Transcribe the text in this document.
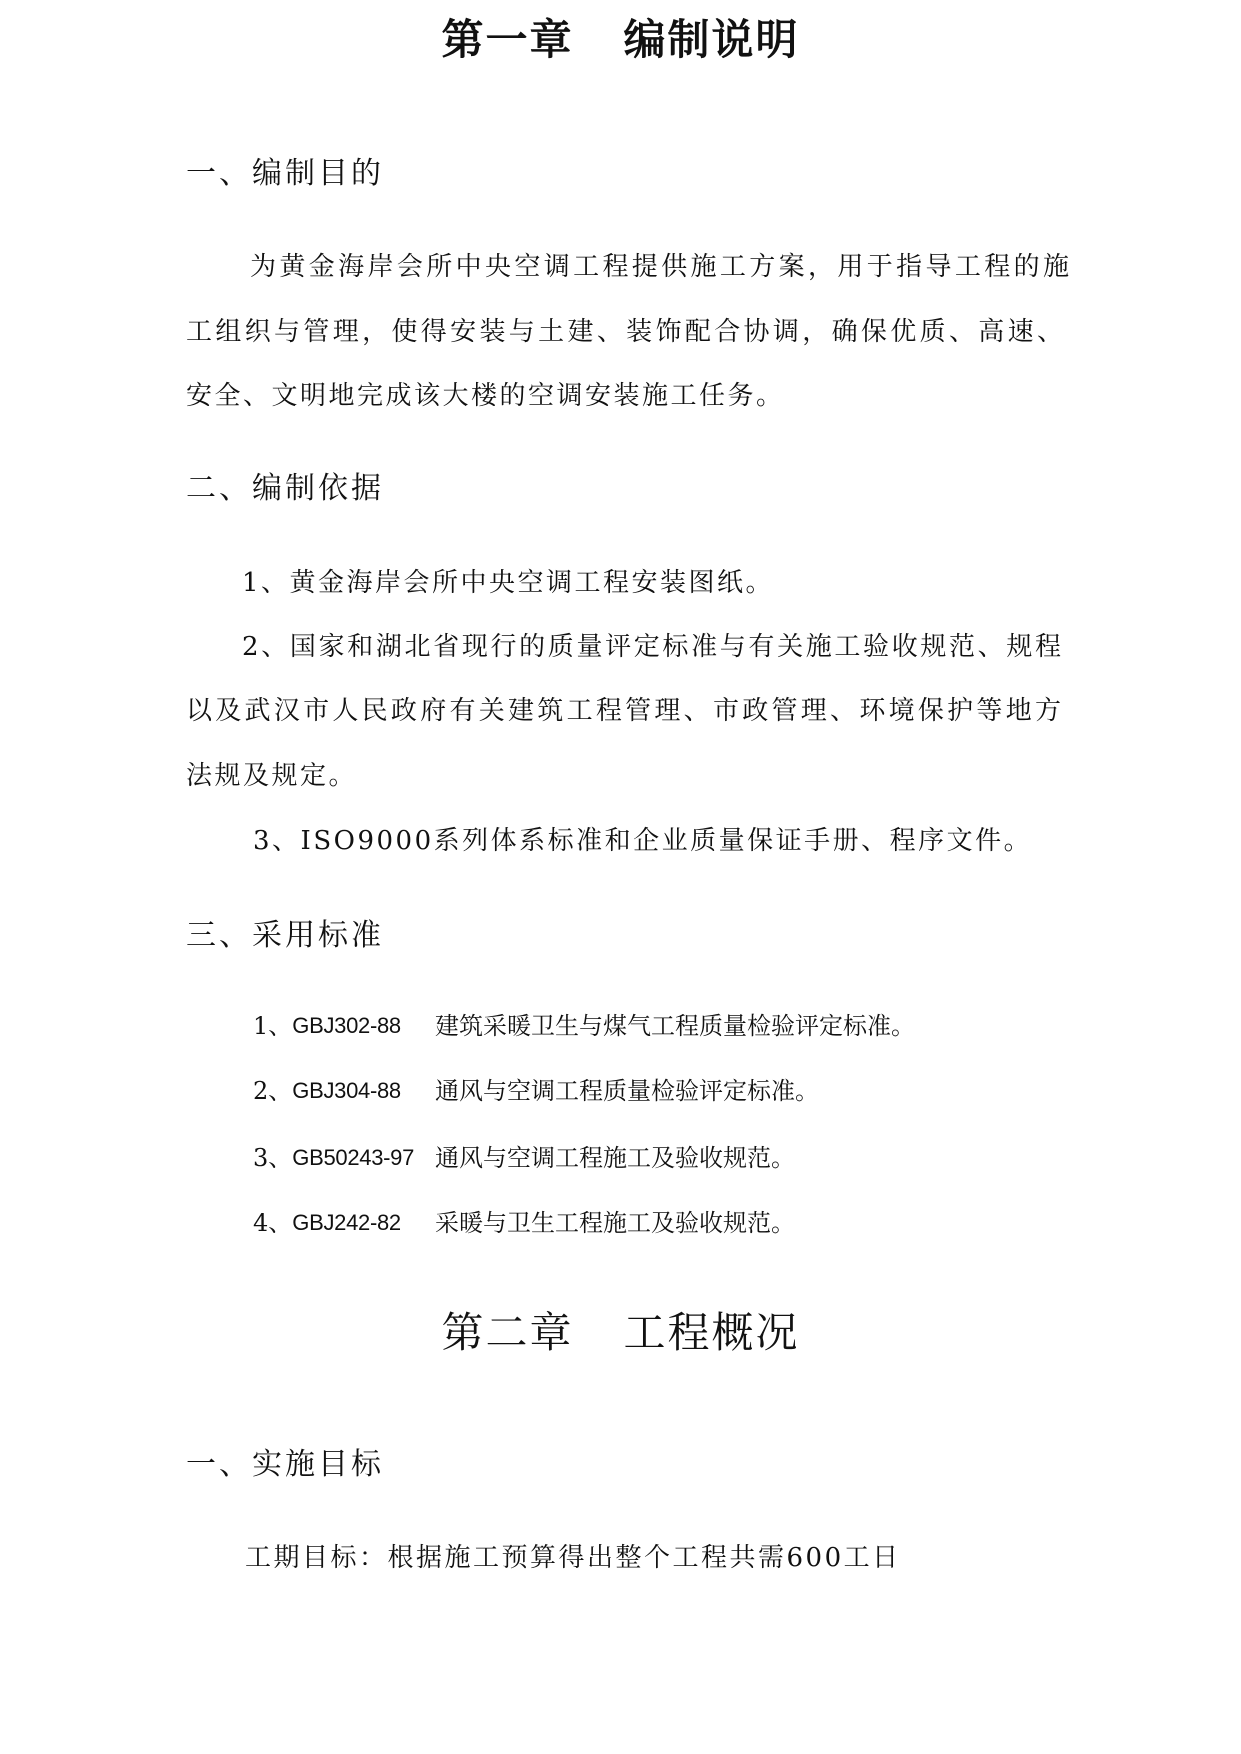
第一章 编制说明
一、编制目的
为黄金海岸会所中央空调工程提供施工方案，用于指导工程的施
工组织与管理，使得安装与土建、装饰配合协调，确保优质、高速、
安全、文明地完成该大楼的空调安装施工任务。
二、编制依据
1、黄金海岸会所中央空调工程安装图纸。
2、国家和湖北省现行的质量评定标准与有关施工验收规范、规程
以及武汉市人民政府有关建筑工程管理、市政管理、环境保护等地方
法规及规定。
3、ISO9000系列体系标准和企业质量保证手册、程序文件。
三、采用标准
1、 GBJ302-88 建筑采暖卫生与煤气工程质量检验评定标准。
2、 GBJ304-88 通风与空调工程质量检验评定标准。
3、 GB50243-97 通风与空调工程施工及验收规范。
4、 GBJ242-82 采暖与卫生工程施工及验收规范。
第二章 工程概况
一、实施目标
工期目标：根据施工预算得出整个工程共需600工日
